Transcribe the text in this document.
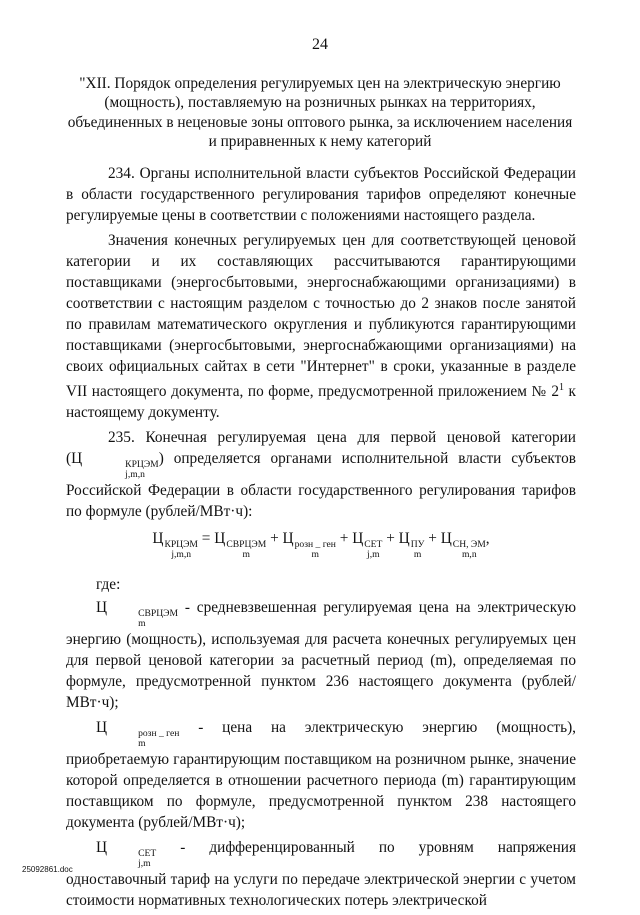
24
"XII. Порядок определения регулируемых цен на электрическую энергию (мощность), поставляемую на розничных рынках на территориях, объединенных в неценовые зоны оптового рынка, за исключением населения и приравненных к нему категорий

234. Органы исполнительной власти субъектов Российской Федерации в области государственного регулирования тарифов определяют конечные регулируемые цены в соответствии с положениями настоящего раздела.

Значения конечных регулируемых цен для соответствующей ценовой категории и их составляющих рассчитываются гарантирующими поставщиками (энергосбытовыми, энергоснабжающими организациями) в соответствии с настоящим разделом с точностью до 2 знаков после занятой по правилам математического округления и публикуются гарантирующими поставщиками (энергосбытовыми, энергоснабжающими организациями) на своих официальных сайтах в сети "Интернет" в сроки, указанные в разделе VII настоящего документа, по форме, предусмотренной приложением № $2^1$ к настоящему документу.

235. Конечная регулируемая цена для первой ценовой категории (Ц	КРЦЭМ
j,m,n
) определяется органами исполнительной власти субъектов Российской Федерации в области государственного регулирования тарифов по формуле (рублей/МВт·ч):

Ц КРЦЭМ
j,m,n
= Ц СВРЦЭМ
m
+ Ц розн _ ген
m
+ Ц СЕТ
j,m
+ Ц ПУ
m
+ Ц СН, ЭМ
m,n
,
где:

Ц	СВРЦЭМ
m
- средневзвешенная регулируемая цена на электрическую энергию (мощность), используемая для расчета конечных регулируемых цен для первой ценовой категории за расчетный период (m), определяемая по формуле, предусмотренной пунктом 236 настоящего документа (рублей/МВт·ч);

Ц	розн _ ген
m
- цена на электрическую энергию (мощность), приобретаемую гарантирующим поставщиком на розничном рынке, значение которой определяется в отношении расчетного периода (m) гарантирующим поставщиком по формуле, предусмотренной пунктом 238 настоящего документа (рублей/МВт·ч);

Ц	СЕТ
j,m
- дифференцированный по уровням напряжения одноставочный тариф на услуги по передаче электрической энергии с учетом стоимости нормативных технологических потерь электрической

25092861.doc
